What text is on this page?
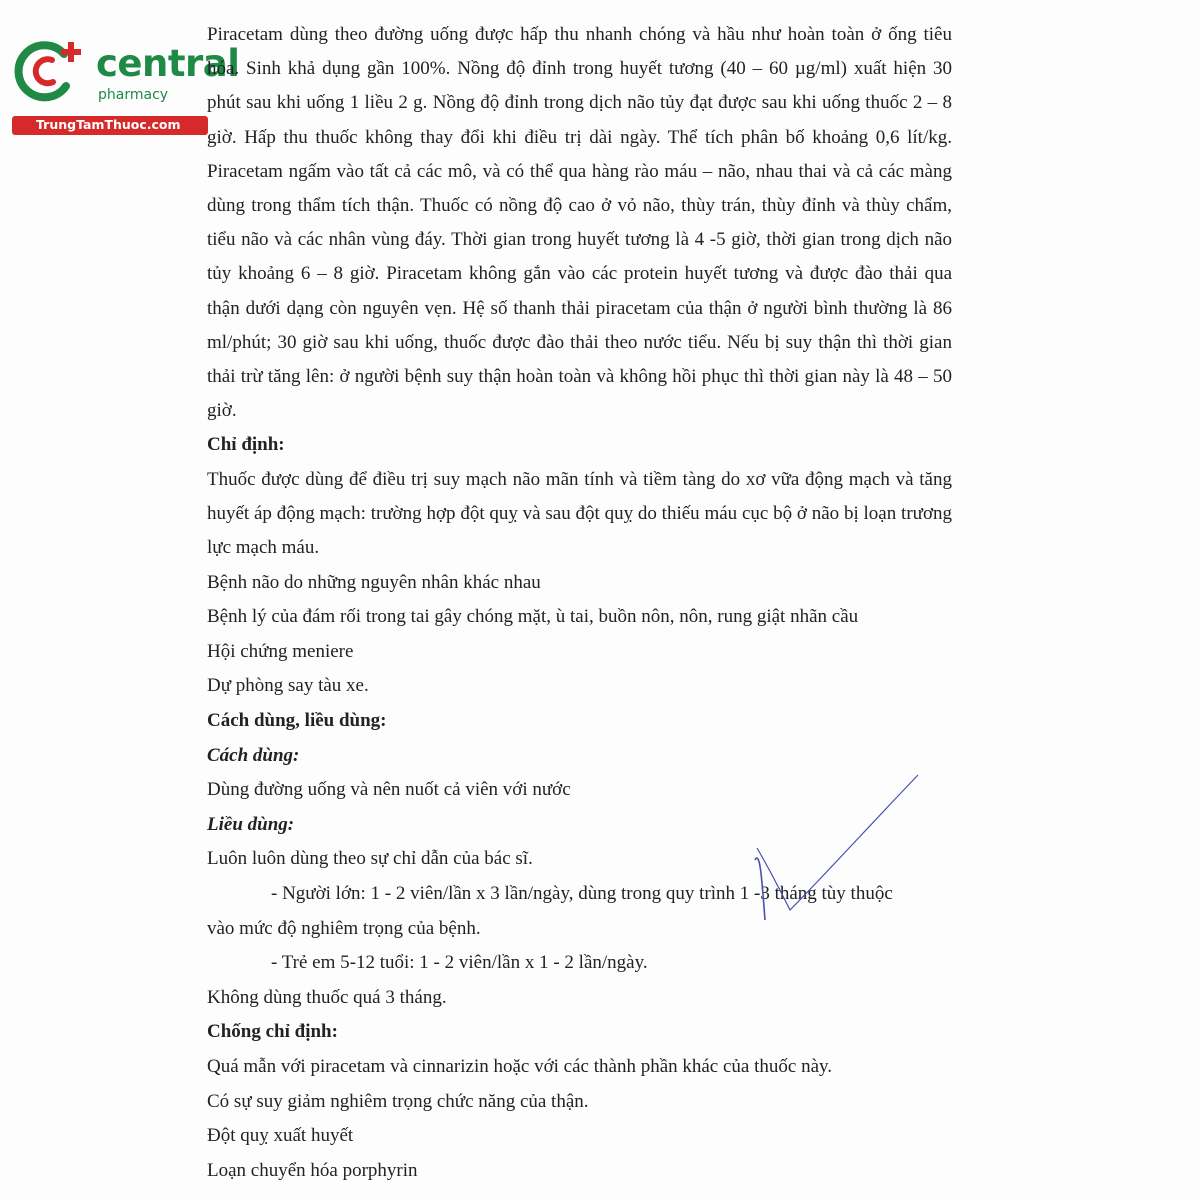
central
pharmacy
TrungTamThuoc.com

Piracetam dùng theo đường uống được hấp thu nhanh chóng và hầu như hoàn toàn ở ống tiêu hóa. Sinh khả dụng gần 100%. Nồng độ đỉnh trong huyết tương (40 – 60 µg/ml) xuất hiện 30 phút sau khi uống 1 liều 2 g. Nồng độ đỉnh trong dịch não tủy đạt được sau khi uống thuốc 2 – 8 giờ. Hấp thu thuốc không thay đổi khi điều trị dài ngày. Thể tích phân bố khoảng 0,6 lít/kg. Piracetam ngấm vào tất cả các mô, và có thể qua hàng rào máu – não, nhau thai và cả các màng dùng trong thẩm tích thận. Thuốc có nồng độ cao ở vỏ não, thùy trán, thùy đỉnh và thùy chẩm, tiểu não và các nhân vùng đáy. Thời gian trong huyết tương là 4 -5 giờ, thời gian trong dịch não tủy khoảng 6 – 8 giờ. Piracetam không gắn vào các protein huyết tương và được đào thải qua thận dưới dạng còn nguyên vẹn. Hệ số thanh thải piracetam của thận ở người bình thường là 86 ml/phút; 30 giờ sau khi uống, thuốc được đào thải theo nước tiểu. Nếu bị suy thận thì thời gian thải trừ tăng lên: ở người bệnh suy thận hoàn toàn và không hồi phục thì thời gian này là 48 – 50 giờ.

Chỉ định:

Thuốc được dùng để điều trị suy mạch não mãn tính và tiềm tàng do xơ vữa động mạch và tăng huyết áp động mạch: trường hợp đột quỵ và sau đột quỵ do thiếu máu cục bộ ở não bị loạn trương lực mạch máu.

Bệnh não do những nguyên nhân khác nhau

Bệnh lý của đám rối trong tai gây chóng mặt, ù tai, buồn nôn, nôn, rung giật nhãn cầu

Hội chứng meniere

Dự phòng say tàu xe.

Cách dùng, liều dùng:

Cách dùng:

Dùng đường uống và nên nuốt cả viên với nước

Liều dùng:

Luôn luôn dùng theo sự chỉ dẫn của bác sĩ.

- Người lớn: 1 - 2 viên/lần x 3 lần/ngày, dùng trong quy trình 1 -3 tháng tùy thuộc

vào mức độ nghiêm trọng của bệnh.

- Trẻ em 5-12 tuổi: 1 - 2 viên/lần x 1 - 2 lần/ngày.

Không dùng thuốc quá 3 tháng.

Chống chỉ định:

Quá mẫn với piracetam và cinnarizin hoặc với các thành phần khác của thuốc này.

Có sự suy giảm nghiêm trọng chức năng của thận.

Đột quỵ xuất huyết

Loạn chuyển hóa porphyrin
